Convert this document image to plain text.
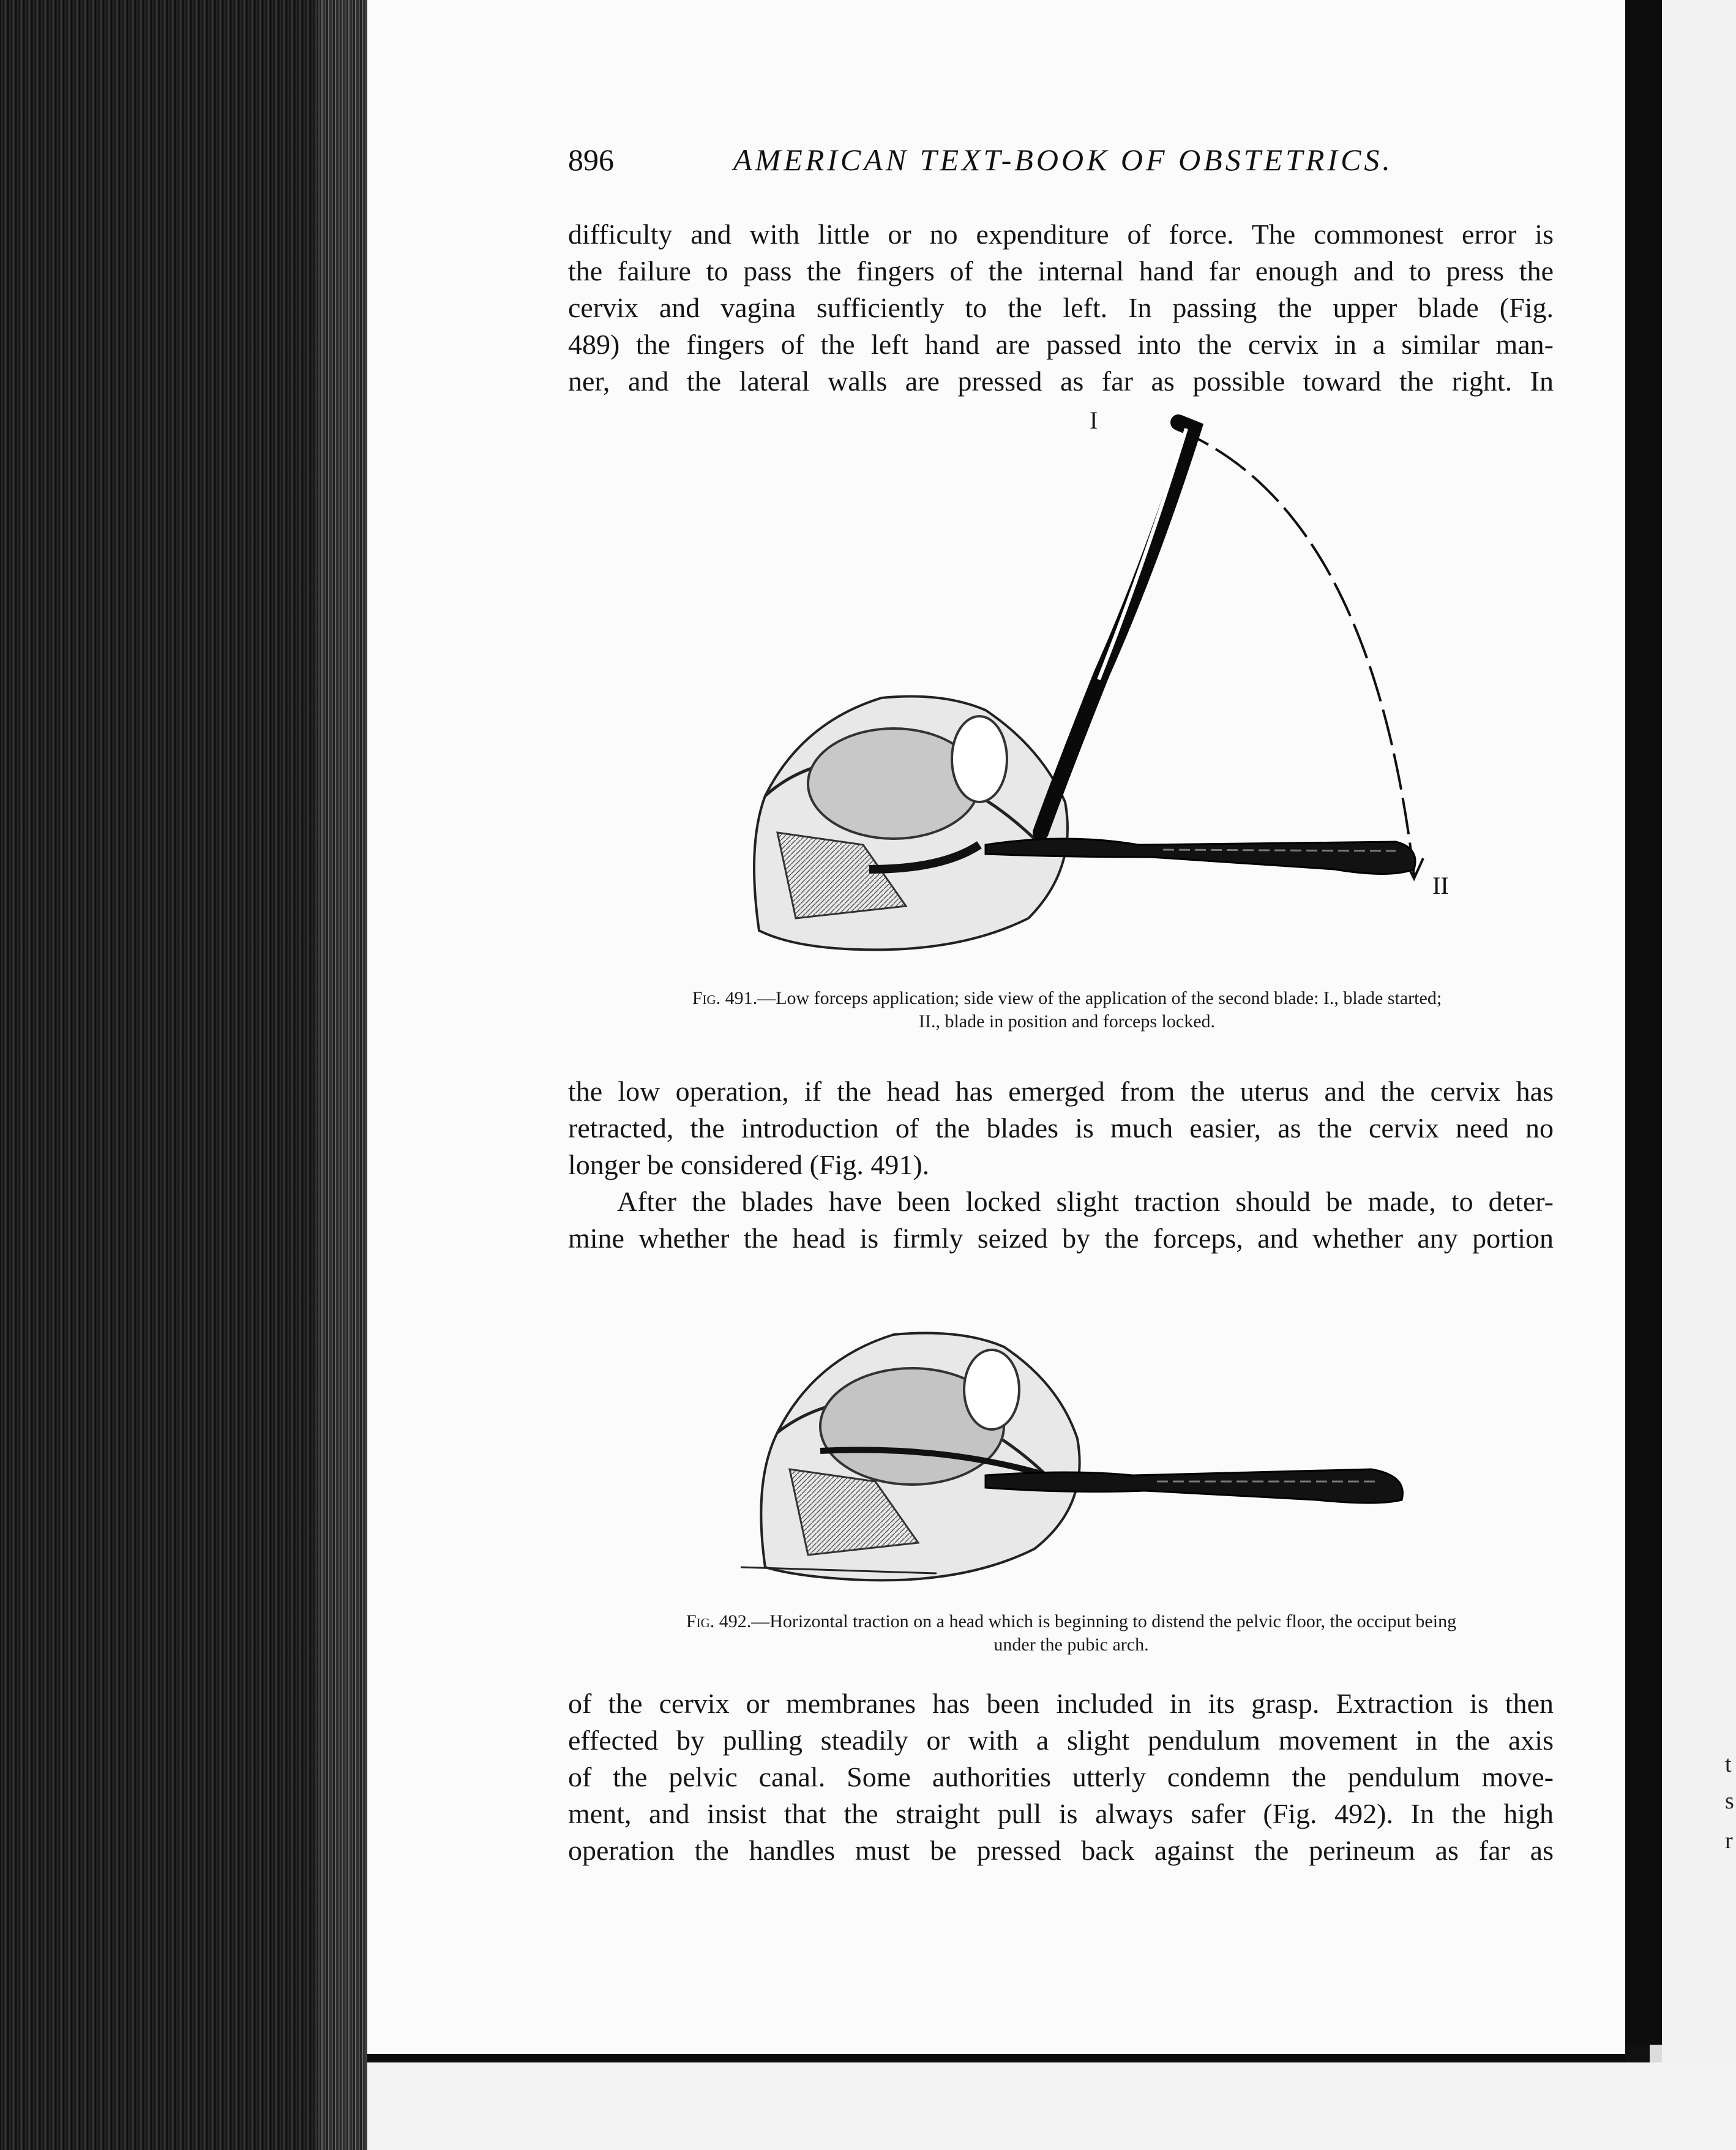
896	AMERICAN TEXT-BOOK OF OBSTETRICS.

difficulty and with little or no expenditure of force. The commonest error is

the failure to pass the fingers of the internal hand far enough and to press the

cervix and vagina sufficiently to the left. In passing the upper blade (Fig.

489) the fingers of the left hand are passed into the cervix in a similar man-

ner, and the lateral walls are pressed as far as possible toward the right. In

I
II
Fig. 491.—Low forceps application; side view of the application of the second blade: I., blade started;
II., blade in position and forceps locked.

the low operation, if the head has emerged from the uterus and the cervix has

retracted, the introduction of the blades is much easier, as the cervix need no

longer be considered (Fig. 491).

After the blades have been locked slight traction should be made, to deter-

mine whether the head is firmly seized by the forceps, and whether any portion

Fig. 492.—Horizontal traction on a head which is beginning to distend the pelvic floor, the occiput being
under the pubic arch.

of the cervix or membranes has been included in its grasp. Extraction is then

effected by pulling steadily or with a slight pendulum movement in the axis

of the pelvic canal. Some authorities utterly condemn the pendulum move-

ment, and insist that the straight pull is always safer (Fig. 492). In the high

operation the handles must be pressed back against the perineum as far as

t
s
r
